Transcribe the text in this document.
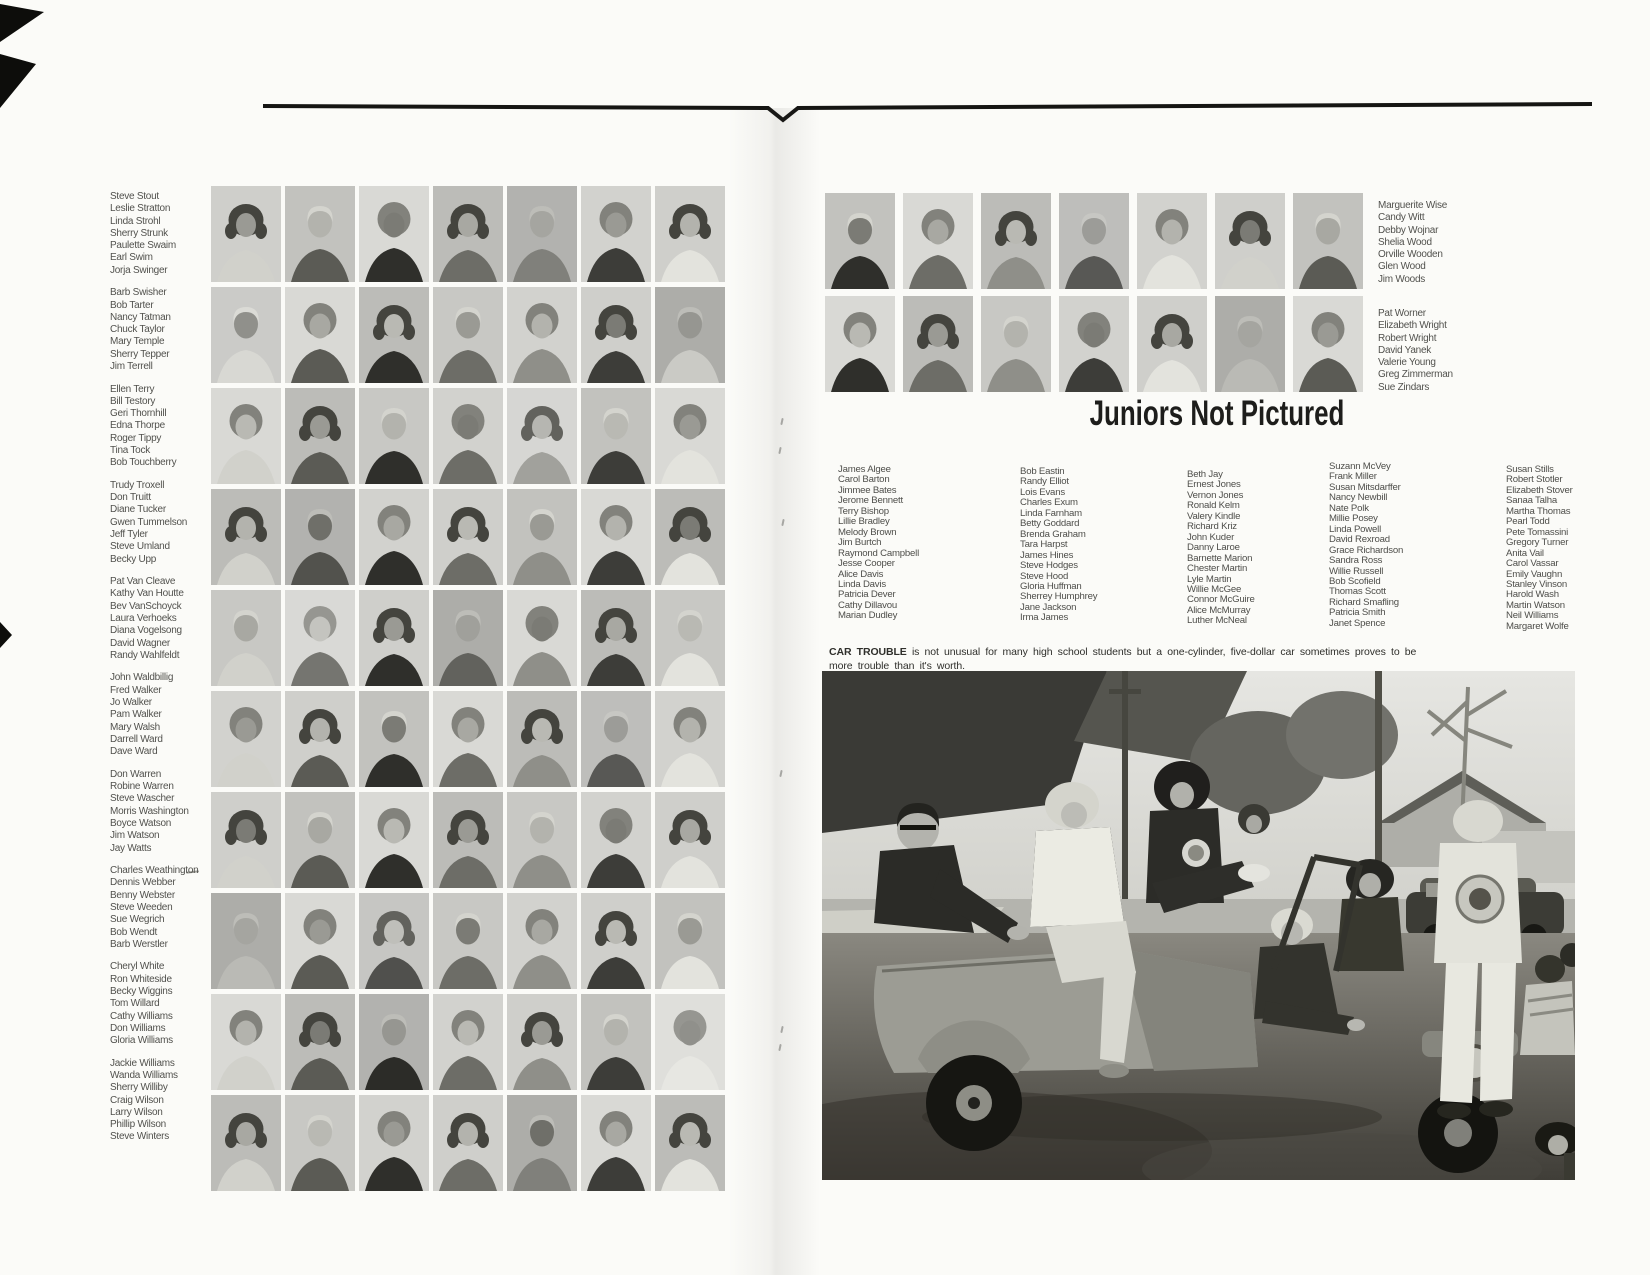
Steve Stout
Leslie Stratton
Linda Strohl
Sherry Strunk
Paulette Swaim
Earl Swim
Jorja Swinger
Barb Swisher
Bob Tarter
Nancy Tatman
Chuck Taylor
Mary Temple
Sherry Tepper
Jim Terrell
Ellen Terry
Bill Testory
Geri Thornhill
Edna Thorpe
Roger Tippy
Tina Tock
Bob Touchberry
Trudy Troxell
Don Truitt
Diane Tucker
Gwen Tummelson
Jeff Tyler
Steve Umland
Becky Upp
Pat Van Cleave
Kathy Van Houtte
Bev VanSchoyck
Laura Verhoeks
Diana Vogelsong
David Wagner
Randy Wahlfeldt
John Waldbillig
Fred Walker
Jo Walker
Pam Walker
Mary Walsh
Darrell Ward
Dave Ward
Don Warren
Robine Warren
Steve Wascher
Morris Washington
Boyce Watson
Jim Watson
Jay Watts
Charles Weathington
Dennis Webber
Benny Webster
Steve Weeden
Sue Wegrich
Bob Wendt
Barb Werstler
Cheryl White
Ron Whiteside
Becky Wiggins
Tom Willard
Cathy Williams
Don Williams
Gloria Williams
Jackie Williams
Wanda Williams
Sherry Williby
Craig Wilson
Larry Wilson
Phillip Wilson
Steve Winters
Marguerite Wise
Candy Witt
Debby Wojnar
Shelia Wood
Orville Wooden
Glen Wood
Jim Woods
Pat Worner
Elizabeth Wright
Robert Wright
David Yanek
Valerie Young
Greg Zimmerman
Sue Zindars
Juniors Not Pictured
James Algee
Carol Barton
Jimmee Bates
Jerome Bennett
Terry Bishop
Lillie Bradley
Melody Brown
Jim Burtch
Raymond Campbell
Jesse Cooper
Alice Davis
Linda Davis
Patricia Dever
Cathy Dillavou
Marian Dudley
Bob Eastin
Randy Elliot
Lois Evans
Charles Exum
Linda Farnham
Betty Goddard
Brenda Graham
Tara Harpst
James Hines
Steve Hodges
Steve Hood
Gloria Huffman
Sherrey Humphrey
Jane Jackson
Irma James
Beth Jay
Ernest Jones
Vernon Jones
Ronald Kelm
Valery Kindle
Richard Kriz
John Kuder
Danny Laroe
Barnette Marion
Chester Martin
Lyle Martin
Willie McGee
Connor McGuire
Alice McMurray
Luther McNeal
Suzann McVey
Frank Miller
Susan Mitsdarffer
Nancy Newbill
Nate Polk
Millie Posey
Linda Powell
David Rexroad
Grace Richardson
Sandra Ross
Willie Russell
Bob Scofield
Thomas Scott
Richard Smafling
Patricia Smith
Janet Spence
Susan Stills
Robert Stotler
Elizabeth Stover
Sanaa Talha
Martha Thomas
Pearl Todd
Pete Tomassini
Gregory Turner
Anita Vail
Carol Vassar
Emily Vaughn
Stanley Vinson
Harold Wash
Martin Watson
Neil Williams
Margaret Wolfe
CAR TROUBLE is not unusual for many high school students but a one-cylinder, five-dollar car sometimes proves to be more trouble than it's worth.
